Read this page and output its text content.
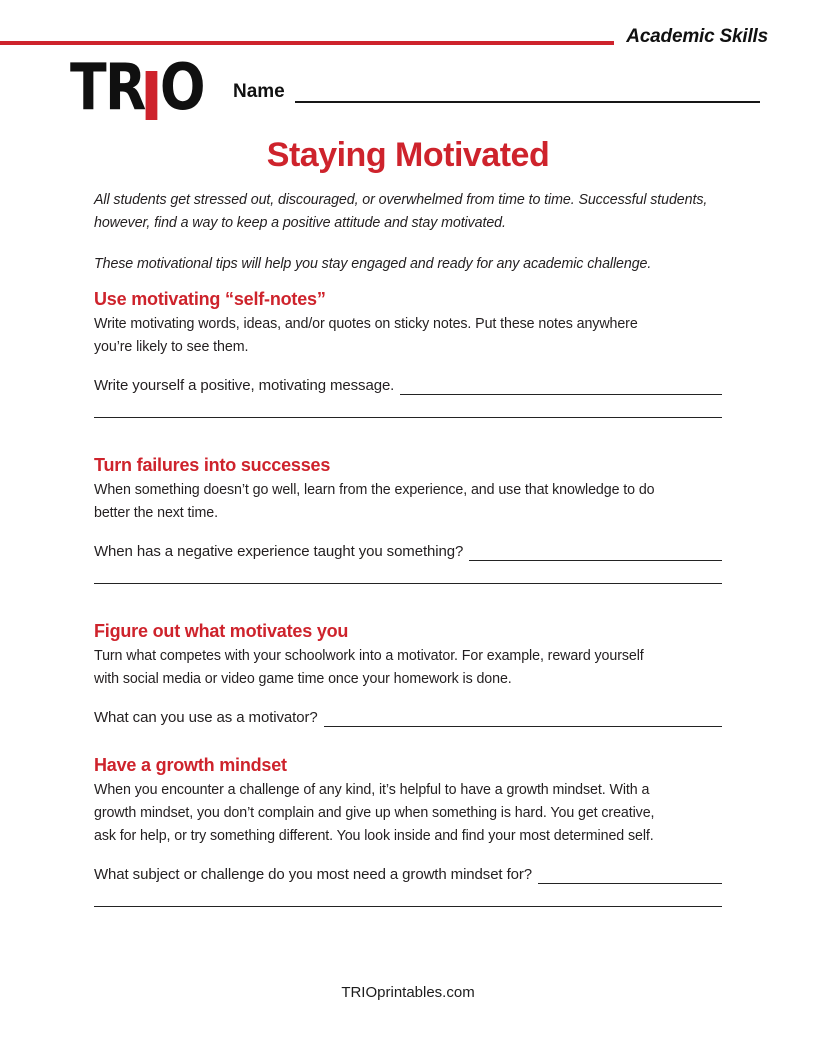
Academic Skills
TR O Name
Staying Motivated
All students get stressed out, discouraged, or overwhelmed from time to time. Successful students,
however, find a way to keep a positive attitude and stay motivated.
These motivational tips will help you stay engaged and ready for any academic challenge.
Use motivating “self-notes”
Write motivating words, ideas, and/or quotes on sticky notes. Put these notes anywhere
you’re likely to see them.
Write yourself a positive, motivating message.
Turn failures into successes
When something doesn’t go well, learn from the experience, and use that knowledge to do
better the next time.
When has a negative experience taught you something?
Figure out what motivates you
Turn what competes with your schoolwork into a motivator. For example, reward yourself
with social media or video game time once your homework is done.
What can you use as a motivator?
Have a growth mindset
When you encounter a challenge of any kind, it’s helpful to have a growth mindset. With a
growth mindset, you don’t complain and give up when something is hard. You get creative,
ask for help, or try something different. You look inside and find your most determined self.
What subject or challenge do you most need a growth mindset for?
TRIOprintables.com
